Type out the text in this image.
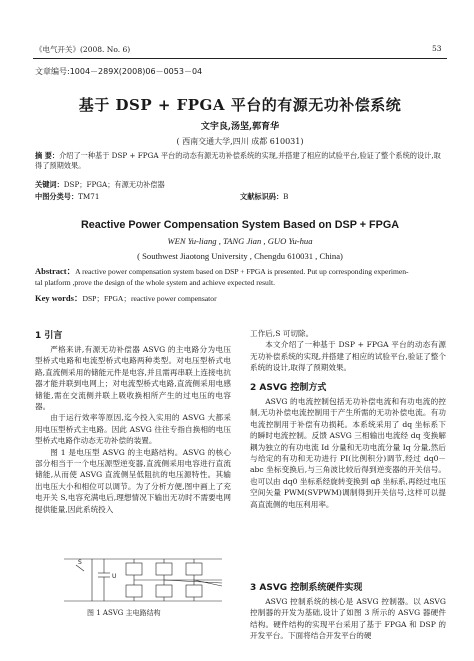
《电气开关》(2008. No. 6)	53
文章编号:1004－289X(2008)06－0053－04
基于 DSP + FPGA 平台的有源无功补偿系统
文宇良,汤坚,郭育华
( 西南交通大学,四川 成都 610031)
摘 要：介绍了一种基于 DSP + FPGA 平台的动态有源无功补偿系统的实现,并搭建了相应的试验平台,验证了整个系统的设计,取得了预期效果。
关键词：DSP；FPGA；有源无功补偿器
中图分类号：TM71	文献标识码：B
Reactive Power Compensation System Based on DSP + FPGA
WEN Yu-liang , TANG Jian , GUO Yu-hua
( Southwest Jiaotong University , Chengdu 610031 , China)
Abstract：A reactive power compensation system based on DSP + FPGA is presented. Put up corresponding experimen-
tal platform ,prove the design of the whole system and achieve expected result.
Key words：DSP；FPGA；reactive power compensator
1 引言

严格来讲,有源无功补偿器 ASVG 的主电路分为电压型桥式电路和电流型桥式电路两种类型。对电压型桥式电路,直流侧采用的储能元件是电容,并且需再串联上连接电抗器才能并联到电网上；对电流型桥式电路,直流侧采用电感储能,需在交流侧并联上吸收换相所产生的过电压的电容器。

由于运行效率等原因,迄今投入实用的 ASVG 大都采用电压型桥式主电路。因此 ASVG 往往专指自换相的电压型桥式电路作动态无功补偿的装置。

图 1 是电压型 ASVG 的主电路结构。ASVG 的核心部分相当于一个电压源型逆变器,直流侧采用电容进行直流储能,从而使 ASVG 直流侧呈低阻抗的电压源特性。其输出电压大小和相位可以调节。为了分析方便,图中画上了充电开关 S,电容充满电后,理想情况下输出无功时不需要电网提供能量,因此系统投入

S
U
图 1 ASVG 主电路结构

工作后,S 可切除。

本文介绍了一种基于 DSP + FPGA 平台的动态有源无功补偿系统的实现,并搭建了相应的试验平台,验证了整个系统的设计,取得了预期效果。

2 ASVG 控制方式

ASVG 的电流控制包括无功补偿电流和有功电流的控制,无功补偿电流控制用于产生所需的无功补偿电流。有功电流控制用于补偿有功损耗。本系统采用了 dq 坐标系下的瞬时电流控制。反馈 ASVG 三相输出电流经 dq 变换解耦为独立的有功电流 Id 分量和无功电流分量 Iq 分量,然后与给定的有功和无功进行 PI(比例积分)调节,经过 dq0－abc 坐标变换后,与三角波比较后得到逆变器的开关信号。也可以由 dq0 坐标系经旋转变换到 αβ 坐标系,再经过电压空间矢量 PWM(SVPWM)调制得到开关信号,这样可以提高直流侧的电压利用率。

3 ASVG 控制系统硬件实现

ASVG 控制系统的核心是 ASVG 控制器。以 ASVG 控制器的开发为基础,设计了如图 3 所示的 ASVG 器硬件结构。硬件结构的实现平台采用了基于 FPGA 和 DSP 的开发平台。下面将结合开发平台的硬
